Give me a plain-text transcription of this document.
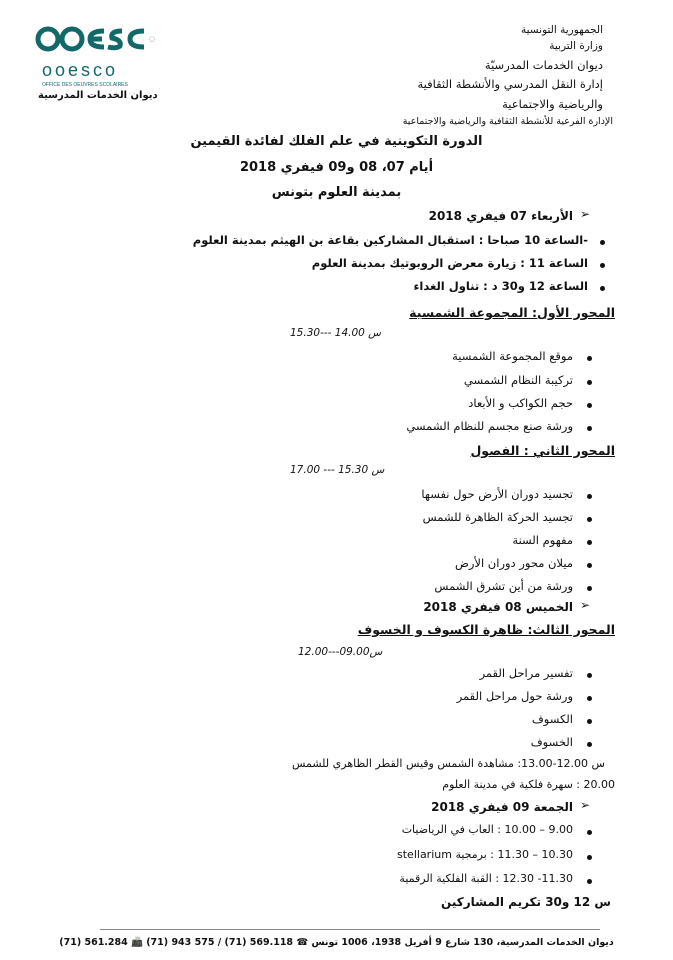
ooesco
OFFICE DES OEUVRES SCOLAIRES
ديوان الخدمات المدرسية
الجمهورية التونسية
وزارة التربية
ديوان الخدمات المدرسيّة
إدارة النقل المدرسي والأنشطة الثقافية
والرياضية والاجتماعية
الإدارة الفرعية للأنشطة الثقافية والرياضية والاجتماعية
الدورة التكوينية في علم الفلك لفائدة القيمين
أيام 07، 08 و09 فيفري 2018
بمدينة العلوم بتونس
➢
الأربعاء 07 فيفري 2018
-الساعة 10 صباحا : استقبال المشاركين بقاعة بن الهيثم بمدينة العلوم
الساعة 11 : زيارة معرض الروبوتيك بمدينة العلوم
الساعة 12 و30 د : تناول الغداء
المحور الأول: المجموعة الشمسية
س 14.00 ---15.30
موقع المجموعة الشمسية
تركيبة النظام الشمسي
حجم الكواكب و الأبعاد
ورشة صنع مجسم للنظام الشمسي
المحور الثاني : الفصول
س 15.30 --- 17.00
تجسيد دوران الأرض حول نفسها
تجسيد الحركة الظاهرة للشمس
مفهوم السنة
ميلان محور دوران الأرض
ورشة من أين تشرق الشمس
➢
الخميس 08 فيفري 2018
المحور الثالث: ظاهرة الكسوف و الخسوف
س09.00---12.00
تفسير مراحل القمر
ورشة حول مراحل القمر
الكسوف
الخسوف
س 12.00-13.00: مشاهدة الشمس وقيس القطر الظاهري للشمس
20.00 : سهرة فلكية في مدينة العلوم
➢
الجمعة 09 فيفري 2018
9.00 – 10.00 : العاب في الرياضيات
10.30 – 11.30 : برمجية stellarium
11.30- 12.30 : القبة الفلكية الرقمية
س 12 و30 تكريم المشاركين
ديوان الخدمات المدرسية، 130 شارع 9 أفريل 1938، 1006 تونس ☎ 569.118 (71) / 575 943 (71) 📠 561.284 (71)
